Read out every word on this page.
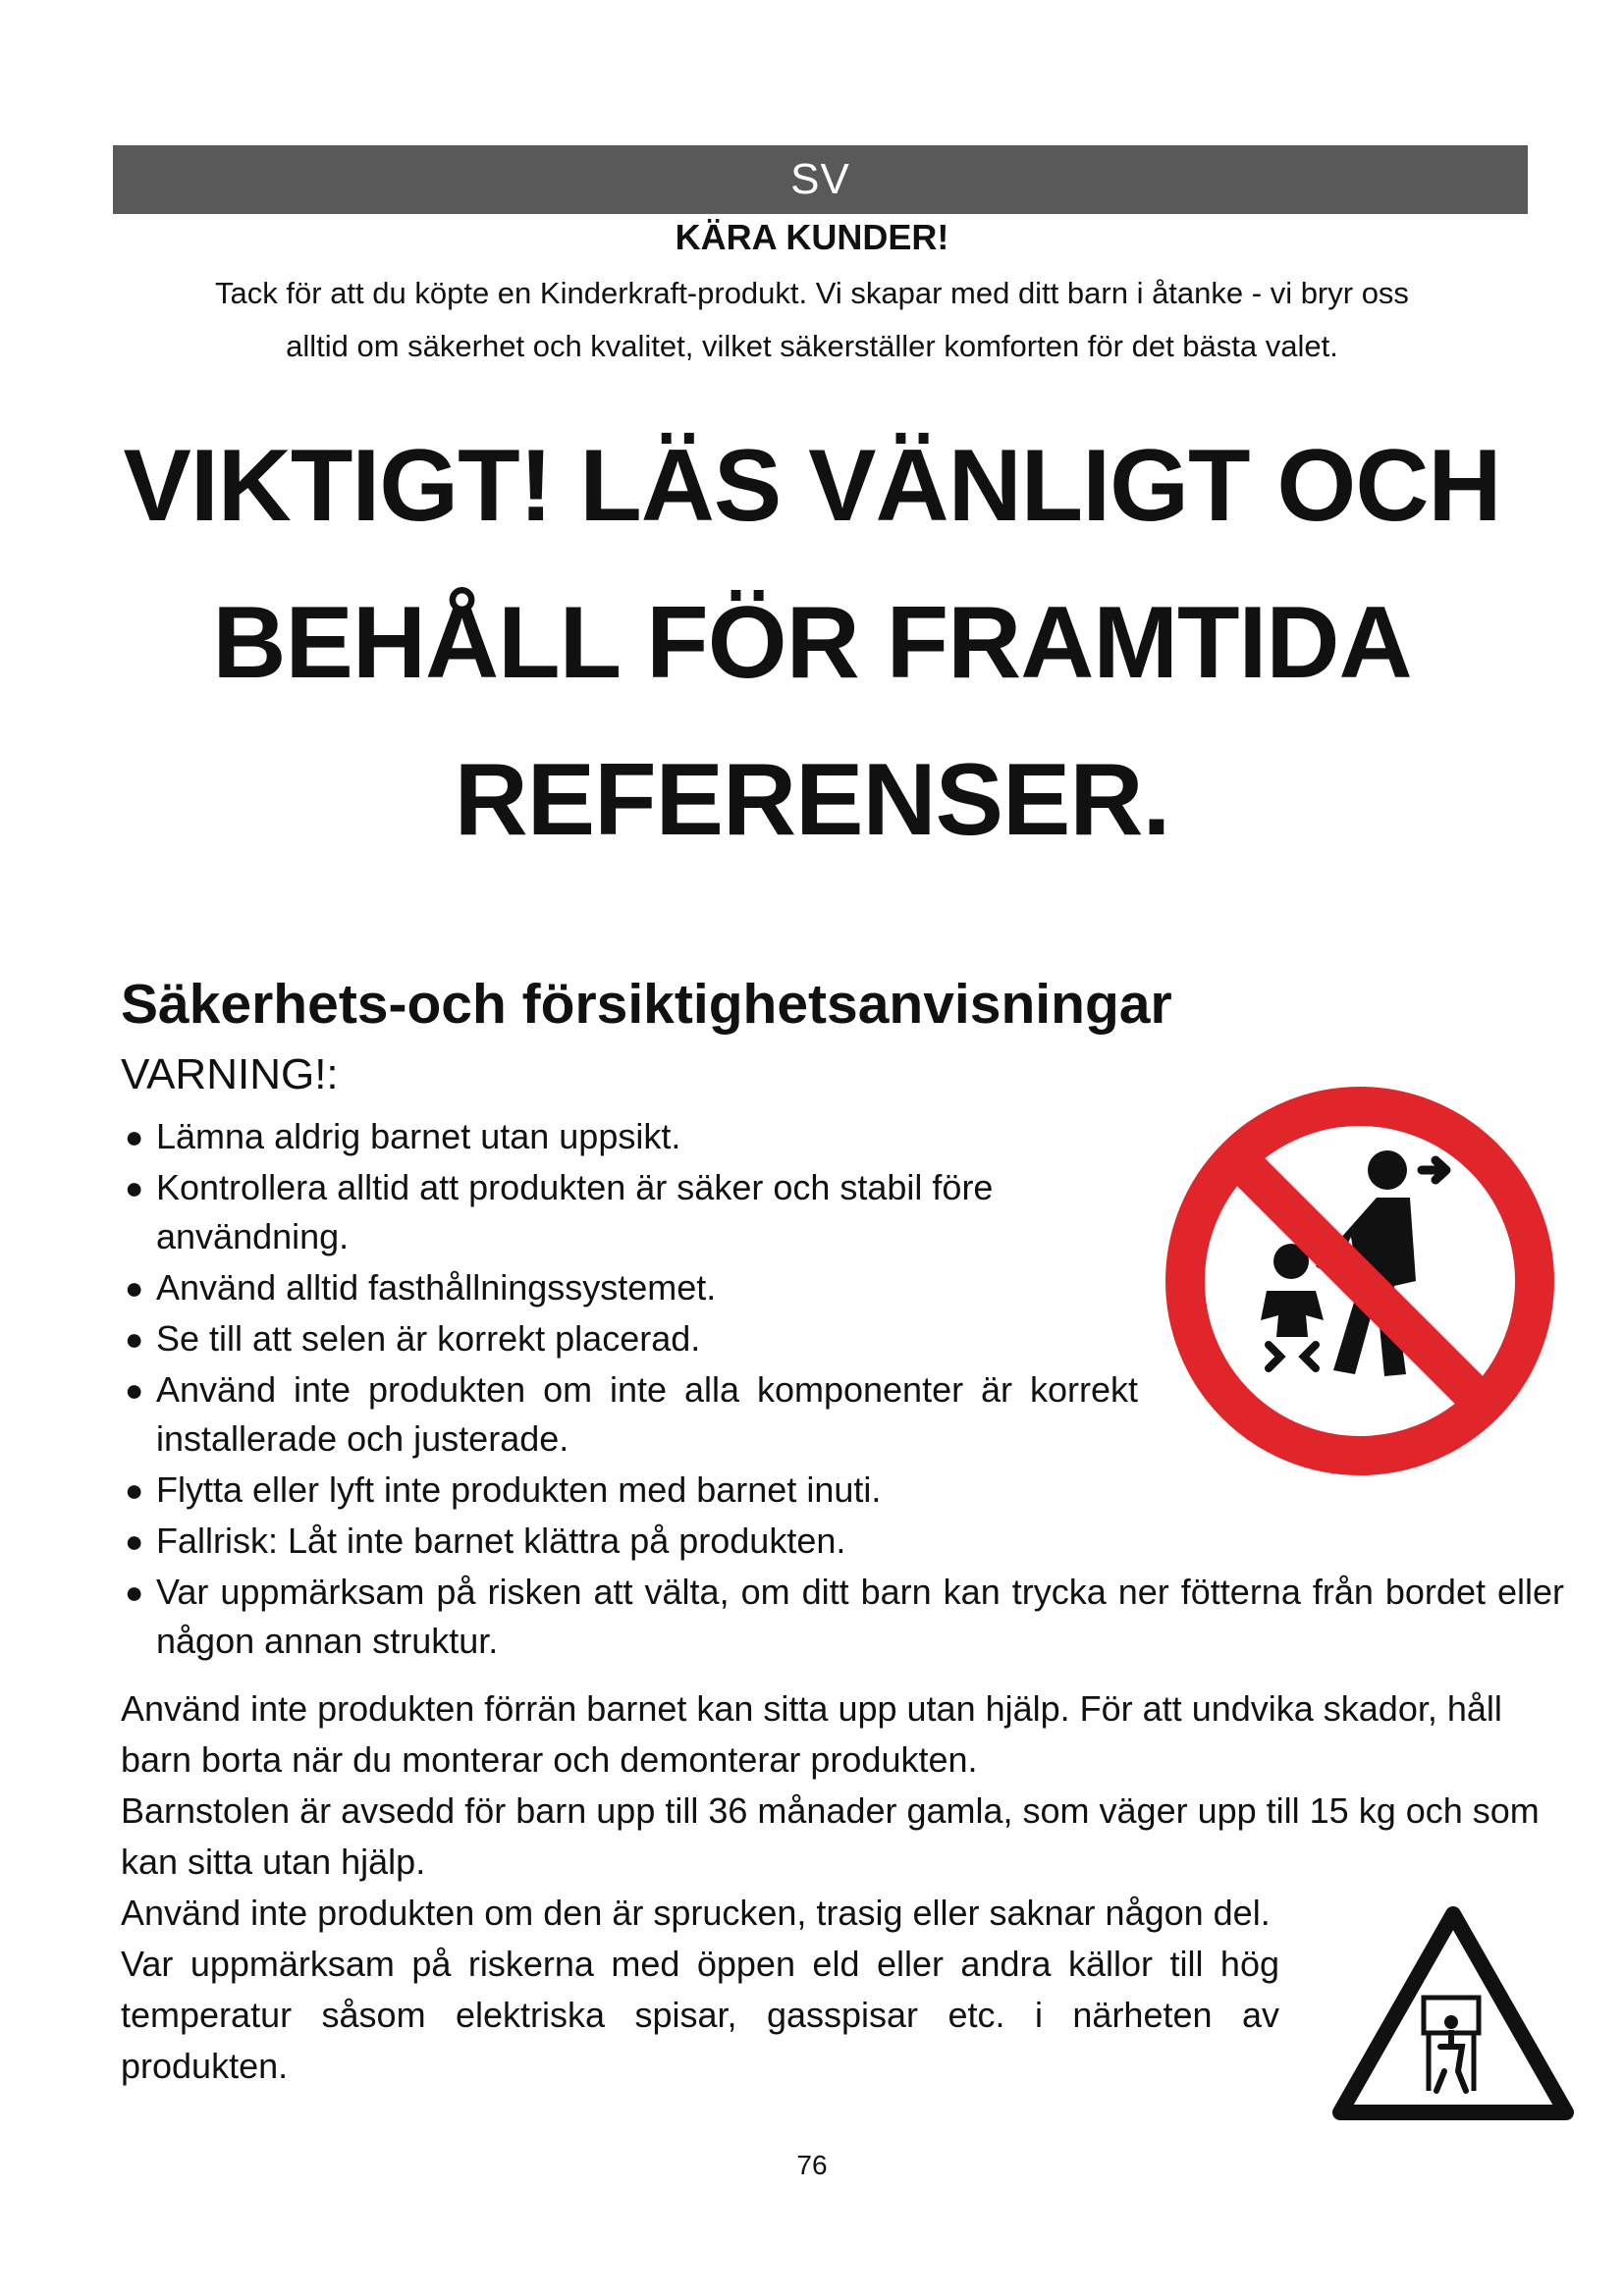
SV
KÄRA KUNDER!
Tack för att du köpte en Kinderkraft-produkt. Vi skapar med ditt barn i åtanke - vi bryr oss
alltid om säkerhet och kvalitet, vilket säkerställer komforten för det bästa valet.
VIKTIGT! LÄS VÄNLIGT OCH
BEHÅLL FÖR FRAMTIDA
REFERENSER.
Säkerhets-och försiktighetsanvisningar
VARNING!:
● Lämna aldrig barnet utan uppsikt.
● Kontrollera alltid att produkten är säker och stabil före användning.
● Använd alltid fasthållningssystemet.
● Se till att selen är korrekt placerad.
● Använd inte produkten om inte alla komponenter är korrekt installerade och justerade.
● Flytta eller lyft inte produkten med barnet inuti.
● Fallrisk: Låt inte barnet klättra på produkten.
● Var uppmärksam på risken att välta, om ditt barn kan trycka ner fötterna från bordet eller någon annan struktur.

Använd inte produkten förrän barnet kan sitta upp utan hjälp. För att undvika skador, håll barn borta när du monterar och demonterar produkten.

Barnstolen är avsedd för barn upp till 36 månader gamla, som väger upp till 15 kg och som kan sitta utan hjälp.

Använd inte produkten om den är sprucken, trasig eller saknar någon del.

Var uppmärksam på riskerna med öppen eld eller andra källor till hög temperatur såsom elektriska spisar, gasspisar etc. i närheten av produkten.

76
